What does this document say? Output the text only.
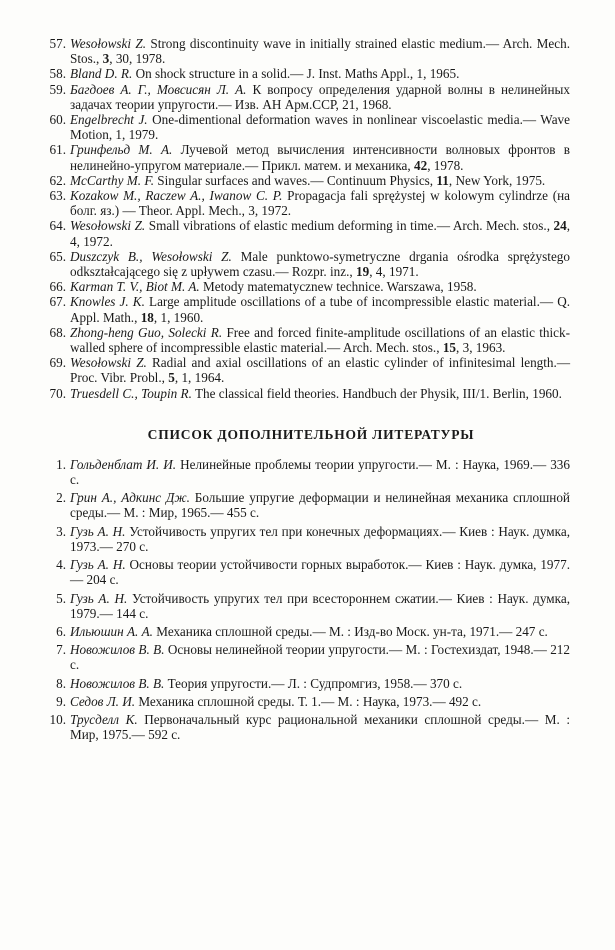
57. Wesołowski Z. Strong discontinuity wave in initially strained elastic medium.— Arch. Mech. Stos., 3, 30, 1978.
58. Bland D. R. On shock structure in a solid.— J. Inst. Maths Appl., 1, 1965.
59. Багдоев А. Г., Мовсисян Л. А. К вопросу определения ударной волны в нелинейных задачах теории упругости.— Изв. АН Арм.ССР, 21, 1968.
60. Engelbrecht J. One-dimentional deformation waves in nonlinear viscoelastic media.— Wave Motion, 1, 1979.
61. Гринфельд М. А. Лучевой метод вычисления интенсивности волновых фронтов в нелинейно-упругом материале.— Прикл. матем. и механика, 42, 1978.
62. McCarthy M. F. Singular surfaces and waves.— Continuum Physics, 11, New York, 1975.
63. Kozakow M., Raczew A., Iwanow C. P. Propagacja fali sprężystej w kolowym cylindrze (на болг. яз.) — Theor. Appl. Mech., 3, 1972.
64. Wesołowski Z. Small vibrations of elastic medium deforming in time.— Arch. Mech. stos., 24, 4, 1972.
65. Duszczyk B., Wesołowski Z. Male punktowo-symetryczne drgania ośrodka sprężystego odkształcającego się z upływem czasu.— Rozpr. inz., 19, 4, 1971.
66. Karman T. V., Biot M. A. Metody matematycznew technice. Warszawa, 1958.
67. Knowles J. K. Large amplitude oscillations of a tube of incompressible elastic material.— Q. Appl. Math., 18, 1, 1960.
68. Zhong-heng Guo, Solecki R. Free and forced finite-amplitude oscillations of an elastic thick-walled sphere of incompressible elastic material.— Arch. Mech. stos., 15, 3, 1963.
69. Wesołowski Z. Radial and axial oscillations of an elastic cylinder of infinitesimal length.— Proc. Vibr. Probl., 5, 1, 1964.
70. Truesdell C., Toupin R. The classical field theories. Handbuch der Physik, III/1. Berlin, 1960.
СПИСОК ДОПОЛНИТЕЛЬНОЙ ЛИТЕРАТУРЫ
1. Гольденблат И. И. Нелинейные проблемы теории упругости.— М. : Наука, 1969.— 336 с.
2. Грин А., Адкинс Дж. Большие упругие деформации и нелинейная механика сплошной среды.— М. : Мир, 1965.— 455 с.
3. Гузь А. Н. Устойчивость упругих тел при конечных деформациях.— Киев : Наук. думка, 1973.— 270 с.
4. Гузь А. Н. Основы теории устойчивости горных выработок.— Киев : Наук. думка, 1977.— 204 с.
5. Гузь А. Н. Устойчивость упругих тел при всестороннем сжатии.— Киев : Наук. думка, 1979.— 144 с.
6. Ильюшин А. А. Механика сплошной среды.— М. : Изд-во Моск. ун-та, 1971.— 247 с.
7. Новожилов В. В. Основы нелинейной теории упругости.— М. : Гостехиздат, 1948.— 212 с.
8. Новожилов В. В. Теория упругости.— Л. : Судпромгиз, 1958.— 370 с.
9. Седов Л. И. Механика сплошной среды. Т. 1.— М. : Наука, 1973.— 492 с.
10. Трусделл К. Первоначальный курс рациональной механики сплошной среды.— М. : Мир, 1975.— 592 с.
